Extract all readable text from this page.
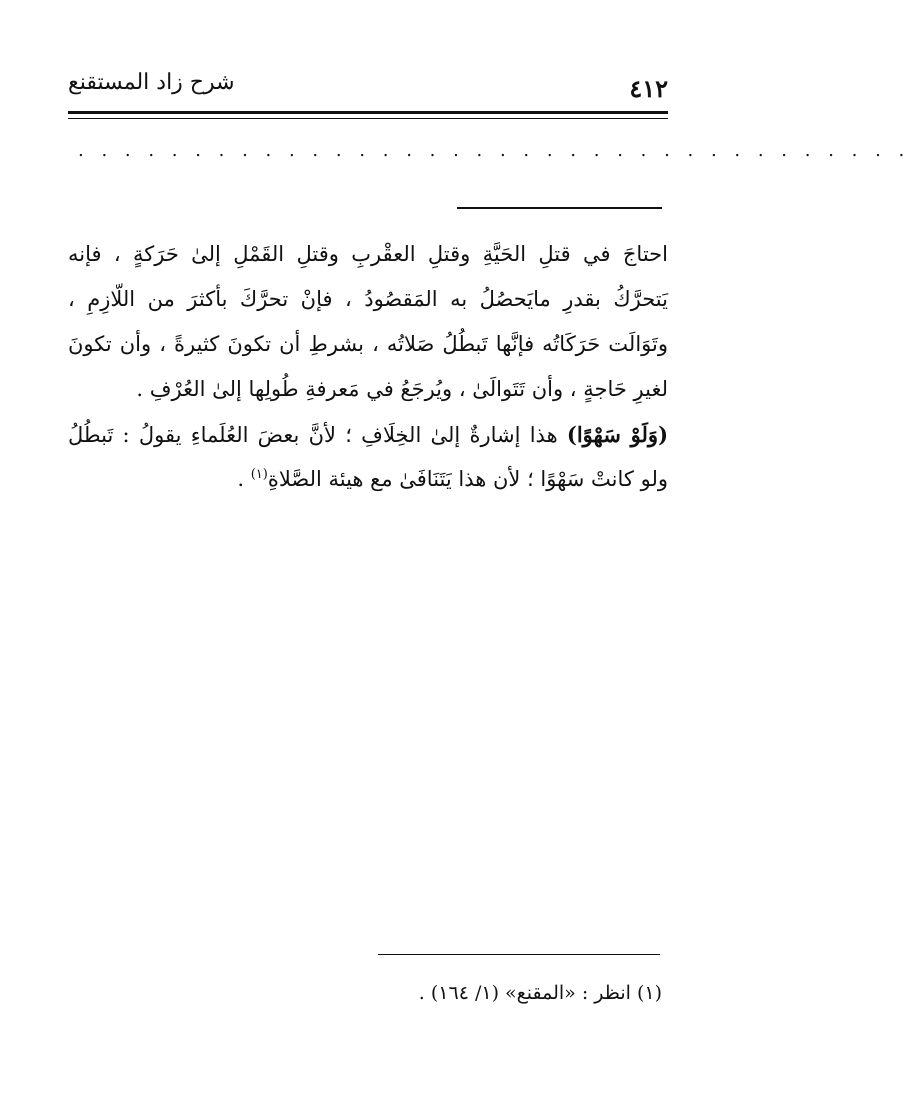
شرح زاد المستقنع	٤١٢
. . . . . . . . . . . . . . . . . . . . . . . . . . . . . . . . . . . .
احتاجَ في قتلِ الحَيَّةِ وقتلِ العقْربِ وقتلِ القَمْلِ إلىٰ حَرَكةٍ ، فإنه
يَتحرَّكُ بقدرِ مايَحصُلُ به المَقصُودُ ، فإنْ تحرَّكَ بأكثرَ من اللّازِمِ ،
وتَوَالَت حَرَكَاتُه فإنَّها تَبطُلُ صَلاتُه ، بشرطِ أن تكونَ كثيرةً ، وأن تكونَ
لغيرِ حَاجةٍ ، وأن تَتَوالَىٰ ، ويُرجَعُ في مَعرفةِ طُولِها إلىٰ العُرْفِ .
(وَلَوْ سَهْوًا) هذا إشارةٌ إلىٰ الخِلَافِ ؛ لأنَّ بعضَ العُلَماءِ يقولُ : تَبطُلُ
ولو كانتْ سَهْوًا ؛ لأن هذا يَتَنَافَىٰ مع هيئة الصَّلاةِ$^{(١)}$ .
(١) انظر : «المقنع» (١/ ١٦٤) .
